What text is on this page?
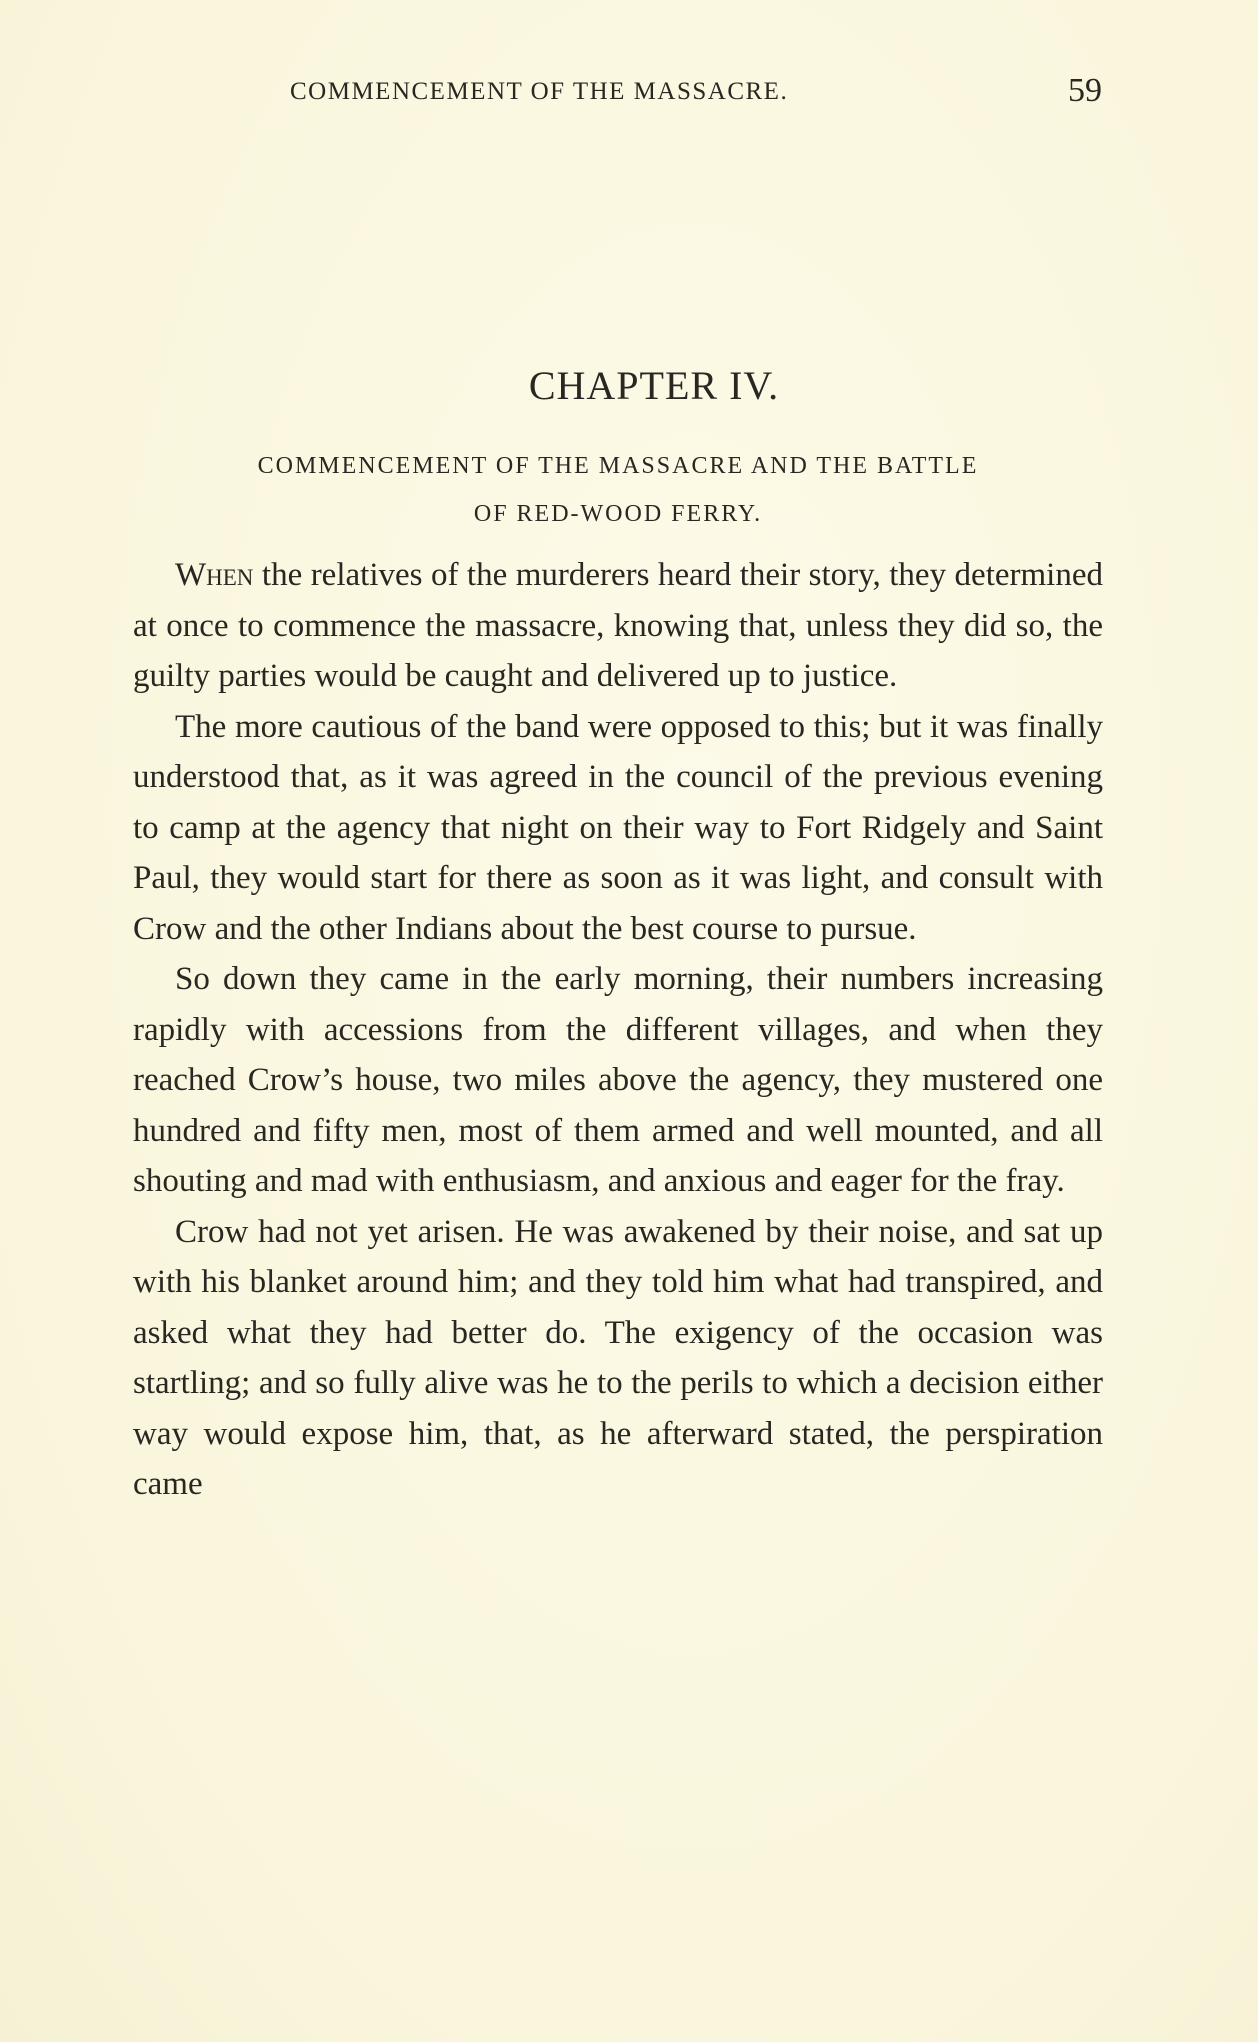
COMMENCEMENT OF THE MASSACRE.	59
CHAPTER IV.
COMMENCEMENT OF THE MASSACRE AND THE BATTLE
OF RED-WOOD FERRY.

When the relatives of the murderers heard their story, they determined at once to commence the massacre, knowing that, unless they did so, the guilty parties would be caught and delivered up to justice.

The more cautious of the band were opposed to this; but it was finally understood that, as it was agreed in the council of the previous evening to camp at the agency that night on their way to Fort Ridgely and Saint Paul, they would start for there as soon as it was light, and consult with Crow and the other Indians about the best course to pursue.

So down they came in the early morning, their numbers increasing rapidly with accessions from the different villages, and when they reached Crow’s house, two miles above the agency, they mustered one hundred and fifty men, most of them armed and well mounted, and all shouting and mad with enthusiasm, and anxious and eager for the fray.

Crow had not yet arisen. He was awakened by their noise, and sat up with his blanket around him; and they told him what had transpired, and asked what they had better do. The exigency of the occasion was startling; and so fully alive was he to the perils to which a decision either way would expose him, that, as he afterward stated, the perspiration came
